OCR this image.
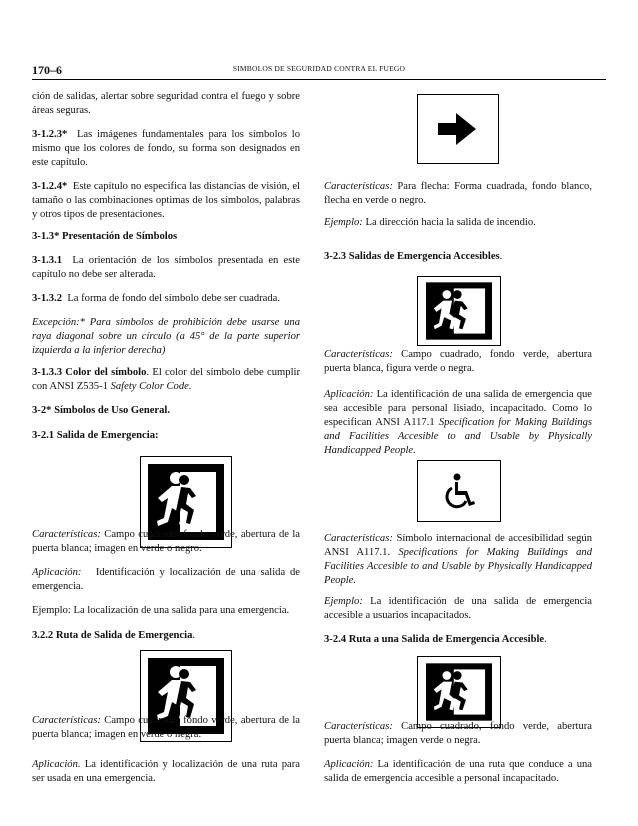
170–6	SIMBOLOS DE SEGURIDAD CONTRA EL FUEGO

ción de salidas, alertar sobre seguridad contra el fuego y sobre áreas seguras.

3-1.2.3* Las imágenes fundamentales para los símbolos lo mismo que los colores de fondo, su forma son designados en este capítulo.

3-1.2.4* Este capítulo no especifica las distancias de visión, el tamaño o las combinaciones optimas de los símbolos, palabras y otros tipos de presentaciones.

3-1.3* Presentación de Símbolos

3-1.3.1 La orientación de los símbolos presentada en este capítulo no debe ser alterada.

3-1.3.2 La forma de fondo del símbolo debe ser cuadrada.

Excepción:* Para símbolos de prohibición debe usarse una raya diagonal sobre un círculo (a 45° de la parte superior izquierda a la inferior derecha)

3-1.3.3 Color del símbolo. El color del símbolo debe cumplir con ANSI Z535-1 Safety Color Code.

3-2* Símbolos de Uso General.

3-2.1 Salida de Emergencia:

Características: Campo cuadrado, fondo verde, abertura de la puerta blanca; imagen en verde o negro.

Aplicación: Identificación y localización de una salida de emergencia.

Ejemplo: La localización de una salida para una emergencia.

3.2.2 Ruta de Salida de Emergencia.

Características: Campo cuadrado, fondo verde, abertura de la puerta blanca; imagen en verde o negra.

Aplicación. La identificación y localización de una ruta para ser usada en una emergencia.

Características: Para flecha: Forma cuadrada, fondo blanco, flecha en verde o negro.

Ejemplo: La dirección hacia la salida de incendio.

3-2.3 Salidas de Emergencia Accesibles.

Características: Campo cuadrado, fondo verde, abertura puerta blanca, figura verde o negra.

Aplicación: La identificación de una salida de emergencia que sea accesible para personal lisiado, incapacitado. Como lo especifican ANSI A117.1 Specification for Making Buildings and Facilities Accesible to and Usable by Physically Handicapped People.

Características: Símbolo internacional de accesibilidad según ANSI A117.1. Specifications for Making Buildings and Facilities Accesible to and Usable by Physically Handicapped People.

Ejemplo: La identificación de una salida de emergencia accesible a usuarios incapacitados.

3-2.4 Ruta a una Salida de Emergencia Accesible.

Características: Campo cuadrado, fondo verde, abertura puerta blanca; imagen verde o negra.

Aplicación: La identificación de una ruta que conduce a una salida de emergencia accesible a personal incapacitado.
